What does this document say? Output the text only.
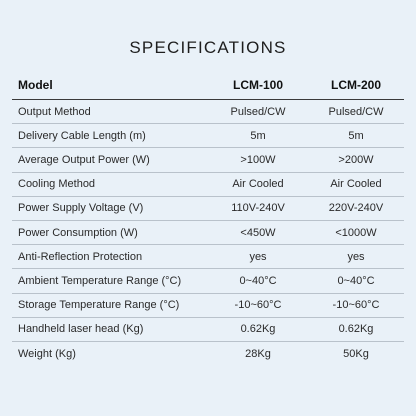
SPECIFICATIONS
Model	LCM-100	LCM-200
Output Method	Pulsed/CW	Pulsed/CW
Delivery Cable Length (m)	5m	5m
Average Output Power (W)	>100W	>200W
Cooling Method	Air Cooled	Air Cooled
Power Supply Voltage (V)	110V-240V	220V-240V
Power Consumption (W)	<450W	<1000W
Anti-Reflection Protection	yes	yes
Ambient Temperature Range (°C)	0~40°C	0~40°C
Storage Temperature Range (°C)	-10~60°C	-10~60°C
Handheld laser head (Kg)	0.62Kg	0.62Kg
Weight (Kg)	28Kg	50Kg
